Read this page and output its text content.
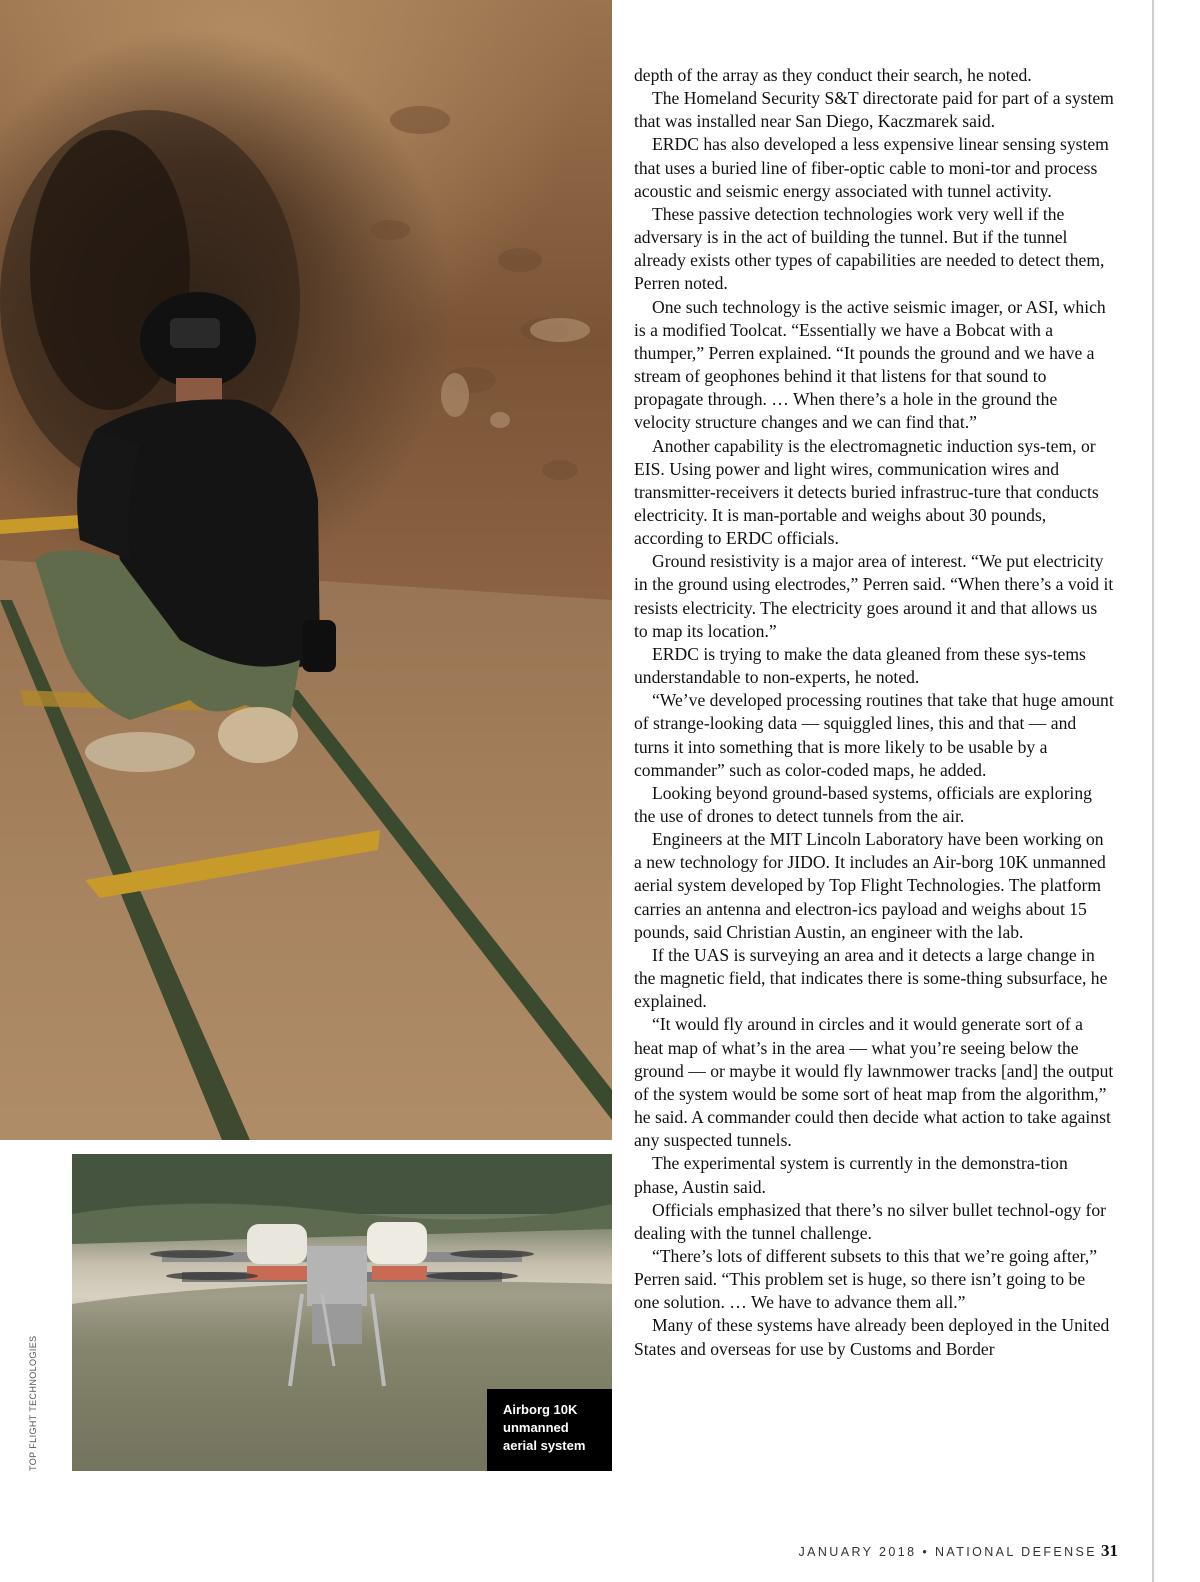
Airborg 10K
unmanned
aerial system
TOP FLIGHT TECHNOLOGIES

depth of the array as they conduct their search, he noted.

The Homeland Security S&T directorate paid for part of a system that was installed near San Diego, Kaczmarek said.

ERDC has also developed a less expensive linear sensing system that uses a buried line of fiber-optic cable to moni-tor and process acoustic and seismic energy associated with tunnel activity.

These passive detection technologies work very well if the adversary is in the act of building the tunnel. But if the tunnel already exists other types of capabilities are needed to detect them, Perren noted.

One such technology is the active seismic imager, or ASI, which is a modified Toolcat. “Essentially we have a Bobcat with a thumper,” Perren explained. “It pounds the ground and we have a stream of geophones behind it that listens for that sound to propagate through. … When there’s a hole in the ground the velocity structure changes and we can find that.”

Another capability is the electromagnetic induction sys-tem, or EIS. Using power and light wires, communication wires and transmitter-receivers it detects buried infrastruc-ture that conducts electricity. It is man-portable and weighs about 30 pounds, according to ERDC officials.

Ground resistivity is a major area of interest. “We put electricity in the ground using electrodes,” Perren said. “When there’s a void it resists electricity. The electricity goes around it and that allows us to map its location.”

ERDC is trying to make the data gleaned from these sys-tems understandable to non-experts, he noted.

“We’ve developed processing routines that take that huge amount of strange-looking data — squiggled lines, this and that — and turns it into something that is more likely to be usable by a commander” such as color-coded maps, he added.

Looking beyond ground-based systems, officials are exploring the use of drones to detect tunnels from the air.

Engineers at the MIT Lincoln Laboratory have been working on a new technology for JIDO. It includes an Air-borg 10K unmanned aerial system developed by Top Flight Technologies. The platform carries an antenna and electron-ics payload and weighs about 15 pounds, said Christian Austin, an engineer with the lab.

If the UAS is surveying an area and it detects a large change in the magnetic field, that indicates there is some-thing subsurface, he explained.

“It would fly around in circles and it would generate sort of a heat map of what’s in the area — what you’re seeing below the ground — or maybe it would fly lawnmower tracks [and] the output of the system would be some sort of heat map from the algorithm,” he said. A commander could then decide what action to take against any suspected tunnels.

The experimental system is currently in the demonstra-tion phase, Austin said.

Officials emphasized that there’s no silver bullet technol-ogy for dealing with the tunnel challenge.

“There’s lots of different subsets to this that we’re going after,” Perren said. “This problem set is huge, so there isn’t going to be one solution. … We have to advance them all.”

Many of these systems have already been deployed in the United States and overseas for use by Customs and Border

JANUARY 2018 • NATIONAL DEFENSE 31
